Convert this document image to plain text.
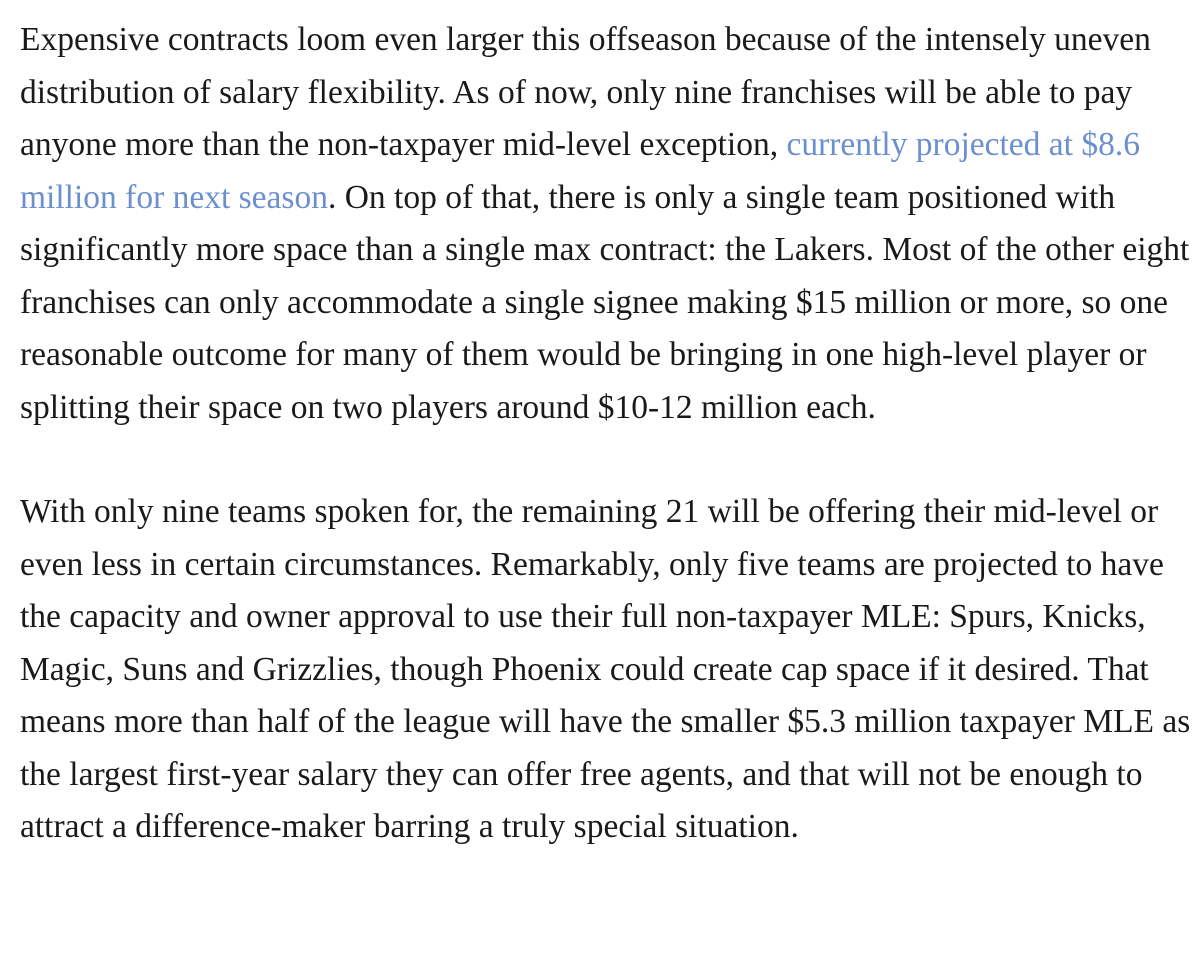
Expensive contracts loom even larger this offseason because of the intensely uneven distribution of salary flexibility. As of now, only nine franchises will be able to pay anyone more than the non-taxpayer mid-level exception, currently projected at $8.6 million for next season. On top of that, there is only a single team positioned with significantly more space than a single max contract: the Lakers. Most of the other eight franchises can only accommodate a single signee making $15 million or more, so one reasonable outcome for many of them would be bringing in one high-level player or splitting their space on two players around $10-12 million each.

With only nine teams spoken for, the remaining 21 will be offering their mid-level or even less in certain circumstances. Remarkably, only five teams are projected to have the capacity and owner approval to use their full non-taxpayer MLE: Spurs, Knicks, Magic, Suns and Grizzlies, though Phoenix could create cap space if it desired. That means more than half of the league will have the smaller $5.3 million taxpayer MLE as the largest first-year salary they can offer free agents, and that will not be enough to attract a difference-maker barring a truly special situation.
